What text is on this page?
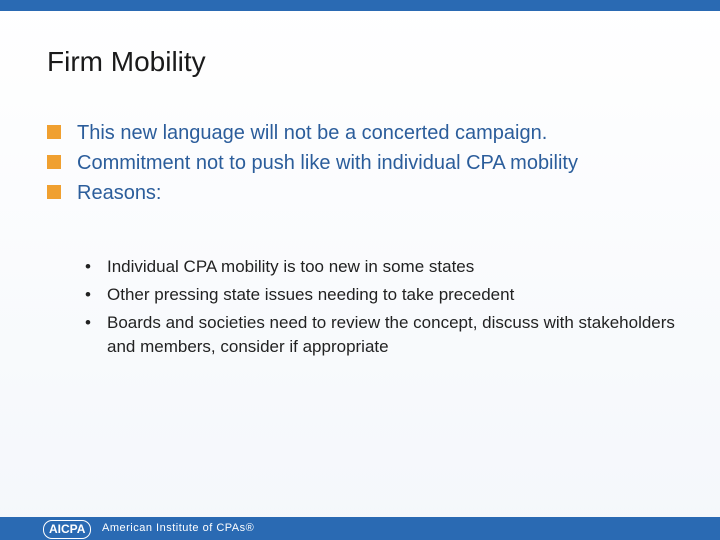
Firm Mobility
This new language will not be a concerted campaign.
Commitment not to push like with individual CPA mobility
Reasons:
• Individual CPA mobility is too new in some states
• Other pressing state issues needing to take precedent
• Boards and societies need to review the concept, discuss with stakeholders and members, consider if appropriate
AICPA	American Institute of CPAs®
